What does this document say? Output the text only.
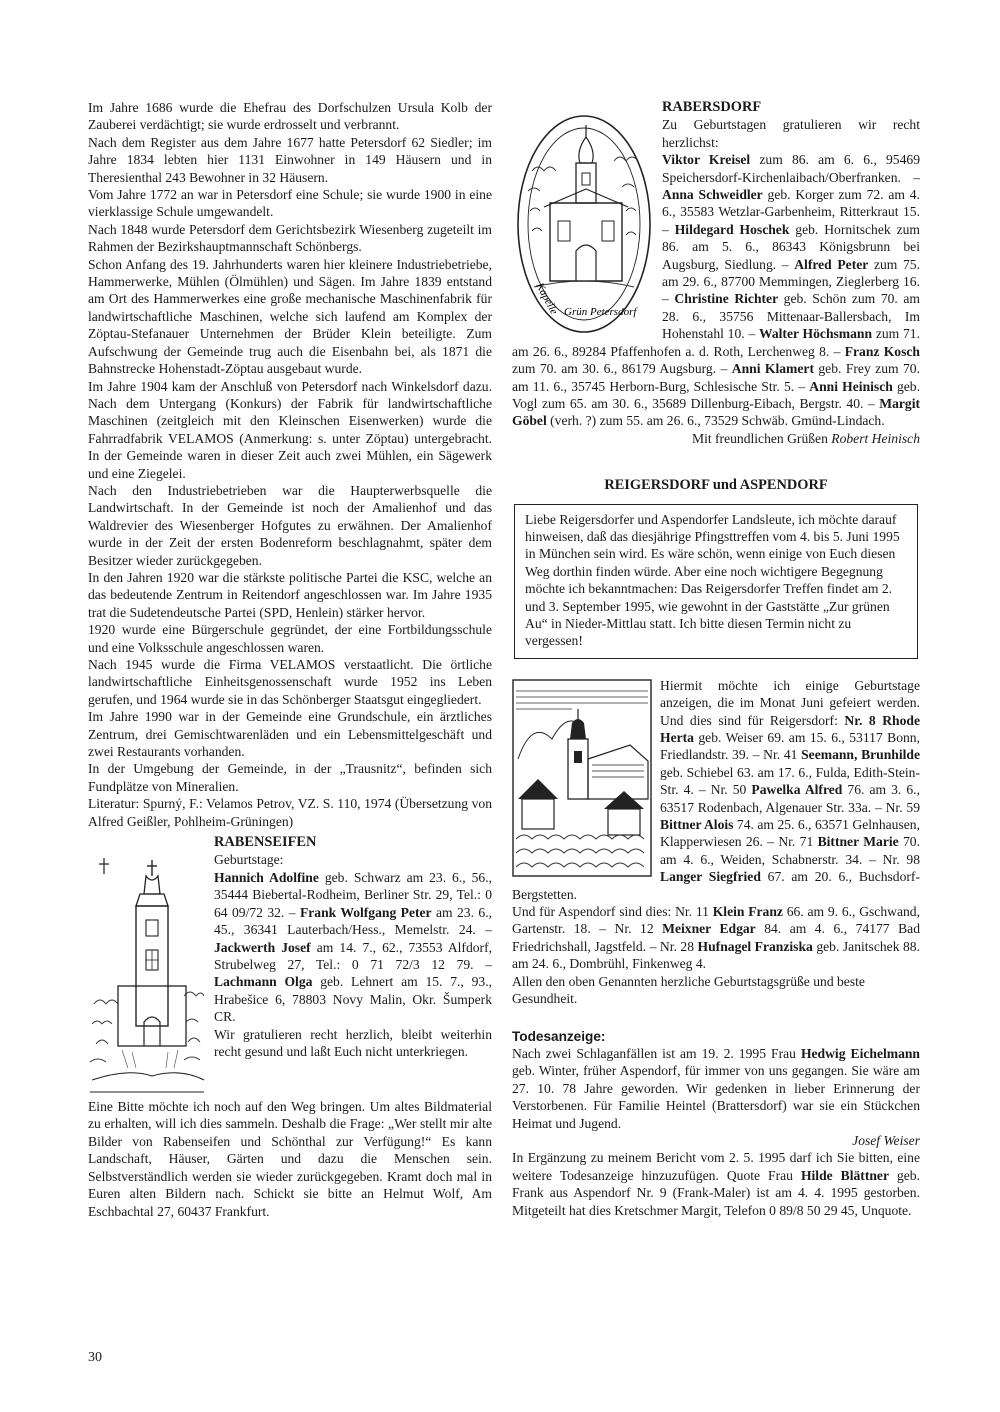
Im Jahre 1686 wurde die Ehefrau des Dorfschulzen Ursula Kolb der Zauberei verdächtigt; sie wurde erdrosselt und verbrannt.

Nach dem Register aus dem Jahre 1677 hatte Petersdorf 62 Siedler; im Jahre 1834 lebten hier 1131 Einwohner in 149 Häusern und in Theresienthal 243 Bewohner in 32 Häusern.

Vom Jahre 1772 an war in Petersdorf eine Schule; sie wurde 1900 in eine vierklassige Schule umgewandelt.

Nach 1848 wurde Petersdorf dem Gerichtsbezirk Wiesenberg zugeteilt im Rahmen der Bezirkshauptmannschaft Schönbergs.

Schon Anfang des 19. Jahrhunderts waren hier kleinere Industriebetriebe, Hammerwerke, Mühlen (Ölmühlen) und Sägen. Im Jahre 1839 entstand am Ort des Hammerwerkes eine große mechanische Maschinenfabrik für landwirtschaftliche Maschinen, welche sich laufend am Komplex der Zöptau-Stefanauer Unternehmen der Brüder Klein beteiligte. Zum Aufschwung der Gemeinde trug auch die Eisenbahn bei, als 1871 die Bahnstrecke Hohenstadt-Zöptau ausgebaut wurde.

Im Jahre 1904 kam der Anschluß von Petersdorf nach Winkelsdorf dazu. Nach dem Untergang (Konkurs) der Fabrik für landwirtschaftliche Maschinen (zeitgleich mit den Kleinschen Eisenwerken) wurde die Fahrradfabrik VELAMOS (Anmerkung: s. unter Zöptau) untergebracht. In der Gemeinde waren in dieser Zeit auch zwei Mühlen, ein Sägewerk und eine Ziegelei.

Nach den Industriebetrieben war die Haupterwerbsquelle die Landwirtschaft. In der Gemeinde ist noch der Amalienhof und das Waldrevier des Wiesenberger Hofgutes zu erwähnen. Der Amalienhof wurde in der Zeit der ersten Bodenreform beschlagnahmt, später dem Besitzer wieder zurückgegeben.

In den Jahren 1920 war die stärkste politische Partei die KSC, welche an das bedeutende Zentrum in Reitendorf angeschlossen war. Im Jahre 1935 trat die Sudetendeutsche Partei (SPD, Henlein) stärker hervor.

1920 wurde eine Bürgerschule gegründet, der eine Fortbildungsschule und eine Volksschule angeschlossen waren.

Nach 1945 wurde die Firma VELAMOS verstaatlicht. Die örtliche landwirtschaftliche Einheitsgenossenschaft wurde 1952 ins Leben gerufen, und 1964 wurde sie in das Schönberger Staatsgut eingegliedert.

Im Jahre 1990 war in der Gemeinde eine Grundschule, ein ärztliches Zentrum, drei Gemischtwarenläden und ein Lebensmittelgeschäft und zwei Restaurants vorhanden.

In der Umgebung der Gemeinde, in der „Trausnitz“, befinden sich Fundplätze von Mineralien.

Literatur: Spurný, F.: Velamos Petrov, VZ. S. 110, 1974 (Übersetzung von Alfred Geißler, Pohlheim-Grüningen)

RABENSEIFEN

Geburtstage:

Hannich Adolfine geb. Schwarz am 23. 6., 56., 35444 Biebertal-Rodheim, Berliner Str. 29, Tel.: 0 64 09/72 32. – Frank Wolfgang Peter am 23. 6., 45., 36341 Lauterbach/Hess., Memelstr. 24. – Jackwerth Josef am 14. 7., 62., 73553 Alfdorf, Strubelweg 27, Tel.: 0 71 72/3 12 79. – Lachmann Olga geb. Lehnert am 15. 7., 93., Hrabešice 6, 78803 Novy Malin, Okr. Šumperk CR.

Wir gratulieren recht herzlich, bleibt weiterhin recht gesund und laßt Euch nicht unterkriegen.

Eine Bitte möchte ich noch auf den Weg bringen. Um altes Bildmaterial zu erhalten, will ich dies sammeln. Deshalb die Frage: „Wer stellt mir alte Bilder von Rabenseifen und Schönthal zur Verfügung!“ Es kann Landschaft, Häuser, Gärten und dazu die Menschen sein. Selbstverständlich werden sie wieder zurückgegeben. Kramt doch mal in Euren alten Bildern nach. Schickt sie bitte an Helmut Wolf, Am Eschbachtal 27, 60437 Frankfurt.

Kapelle Grün Petersdorf
RABERSDORF

Zu Geburtstagen gratulieren wir recht herzlichst:

Viktor Kreisel zum 86. am 6. 6., 95469 Speichersdorf-Kirchenlaibach/Oberfranken. – Anna Schweidler geb. Korger zum 72. am 4. 6., 35583 Wetzlar-Garbenheim, Ritterkraut 15. – Hildegard Hoschek geb. Hornitschek zum 86. am 5. 6., 86343 Königsbrunn bei Augsburg, Siedlung. – Alfred Peter zum 75. am 29. 6., 87700 Memmingen, Zieglerberg 16. – Christine Richter geb. Schön zum 70. am 28. 6., 35756 Mittenaar-Ballersbach, Im Hohenstahl 10. – Walter Höchsmann zum 71. am 26. 6., 89284 Pfaffenhofen a. d. Roth, Lerchenweg 8. – Franz Kosch zum 70. am 30. 6., 86179 Augsburg. – Anni Klamert geb. Frey zum 70. am 11. 6., 35745 Herborn-Burg, Schlesische Str. 5. – Anni Heinisch geb. Vogl zum 65. am 30. 6., 35689 Dillenburg-Eibach, Bergstr. 40. – Margit Göbel (verh. ?) zum 55. am 26. 6., 73529 Schwäb. Gmünd-Lindach.

Mit freundlichen Grüßen Robert Heinisch

REIGERSDORF und ASPENDORF

Liebe Reigersdorfer und Aspendorfer Landsleute, ich möchte darauf hinweisen, daß das diesjährige Pfingsttreffen vom 4. bis 5. Juni 1995 in München sein wird. Es wäre schön, wenn einige von Euch diesen Weg dorthin finden würde. Aber eine noch wichtigere Begegnung möchte ich bekanntmachen: Das Reigersdorfer Treffen findet am 2. und 3. September 1995, wie gewohnt in der Gaststätte „Zur grünen Au“ in Nieder-Mittlau statt. Ich bitte diesen Termin nicht zu vergessen!

Hiermit möchte ich einige Geburtstage anzeigen, die im Monat Juni gefeiert werden. Und dies sind für Reigersdorf: Nr. 8 Rhode Herta geb. Weiser 69. am 15. 6., 53117 Bonn, Friedlandstr. 39. – Nr. 41 Seemann, Brunhilde geb. Schiebel 63. am 17. 6., Fulda, Edith-Stein-Str. 4. – Nr. 50 Pawelka Alfred 76. am 3. 6., 63517 Rodenbach, Algenauer Str. 33a. – Nr. 59 Bittner Alois 74. am 25. 6., 63571 Gelnhausen, Klapperwiesen 26. – Nr. 71 Bittner Marie 70. am 4. 6., Weiden, Schabnerstr. 34. – Nr. 98 Langer Siegfried 67. am 20. 6., Buchsdorf-Bergstetten.

Und für Aspendorf sind dies: Nr. 11 Klein Franz 66. am 9. 6., Gschwand, Gartenstr. 18. – Nr. 12 Meixner Edgar 84. am 4. 6., 74177 Bad Friedrichshall, Jagstfeld. – Nr. 28 Hufnagel Franziska geb. Janitschek 88. am 24. 6., Dombrühl, Finkenweg 4.

Allen den oben Genannten herzliche Geburtstagsgrüße und beste Gesundheit.

Todesanzeige:

Nach zwei Schlaganfällen ist am 19. 2. 1995 Frau Hedwig Eichelmann geb. Winter, früher Aspendorf, für immer von uns gegangen. Sie wäre am 27. 10. 78 Jahre geworden. Wir gedenken in lieber Erinnerung der Verstorbenen. Für Familie Heintel (Brattersdorf) war sie ein Stückchen Heimat und Jugend.

Josef Weiser

In Ergänzung zu meinem Bericht vom 2. 5. 1995 darf ich Sie bitten, eine weitere Todesanzeige hinzuzufügen. Quote Frau Hilde Blättner geb. Frank aus Aspendorf Nr. 9 (Frank-Maler) ist am 4. 4. 1995 gestorben. Mitgeteilt hat dies Kretschmer Margit, Telefon 0 89/8 50 29 45, Unquote.

30
